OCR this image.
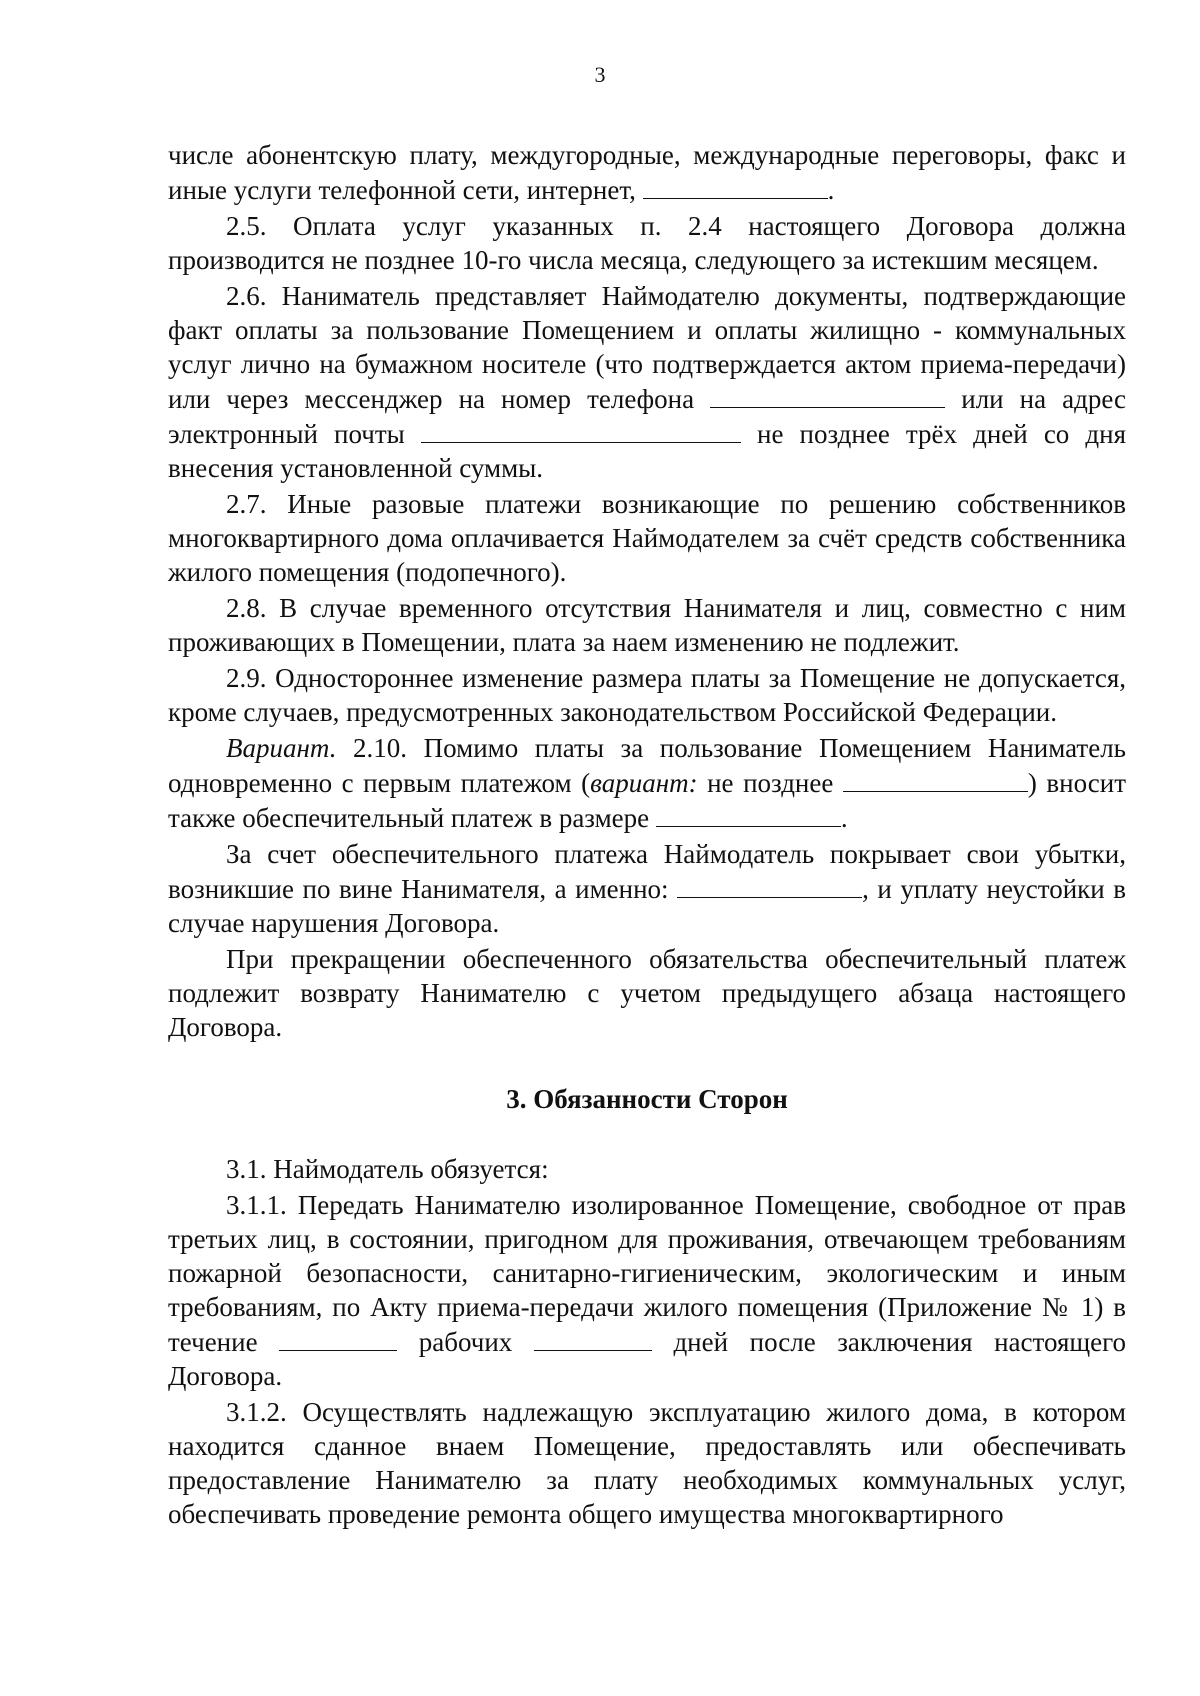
3

числе абонентскую плату, междугородные, международные переговоры, факс и иные услуги телефонной сети, интернет,	.

2.5. Оплата услуг указанных п. 2.4 настоящего Договора должна производится не позднее 10-го числа месяца, следующего за истекшим месяцем.

2.6. Наниматель представляет Наймодателю документы, подтверждающие факт оплаты за пользование Помещением и оплаты жилищно - коммунальных услуг лично на бумажном носителе (что подтверждается актом приема-передачи) или через мессенджер на номер телефона	или на адрес электронный почты	не позднее трёх дней со дня внесения установленной суммы.

2.7. Иные разовые платежи возникающие по решению собственников многоквартирного дома оплачивается Наймодателем за счёт средств собственника жилого помещения (подопечного).

2.8. В случае временного отсутствия Нанимателя и лиц, совместно с ним проживающих в Помещении, плата за наем изменению не подлежит.

2.9. Одностороннее изменение размера платы за Помещение не допускается, кроме случаев, предусмотренных законодательством Российской Федерации.

Вариант. 2.10. Помимо платы за пользование Помещением Наниматель одновременно с первым платежом (вариант: не позднее	) вносит также обеспечительный платеж в размере	.

За счет обеспечительного платежа Наймодатель покрывает свои убытки, возникшие по вине Нанимателя, а именно:	, и уплату неустойки в случае нарушения Договора.

При прекращении обеспеченного обязательства обеспечительный платеж подлежит возврату Нанимателю с учетом предыдущего абзаца настоящего Договора.

3. Обязанности Сторон

3.1. Наймодатель обязуется:

3.1.1. Передать Нанимателю изолированное Помещение, свободное от прав третьих лиц, в состоянии, пригодном для проживания, отвечающем требованиям пожарной безопасности, санитарно-гигиеническим, экологическим и иным требованиям, по Акту приема-передачи жилого помещения (Приложение № 1) в течение	рабочих	дней после заключения настоящего Договора.

3.1.2. Осуществлять надлежащую эксплуатацию жилого дома, в котором находится сданное внаем Помещение, предоставлять или обеспечивать предоставление Нанимателю за плату необходимых коммунальных услуг, обеспечивать проведение ремонта общего имущества многоквартирного
